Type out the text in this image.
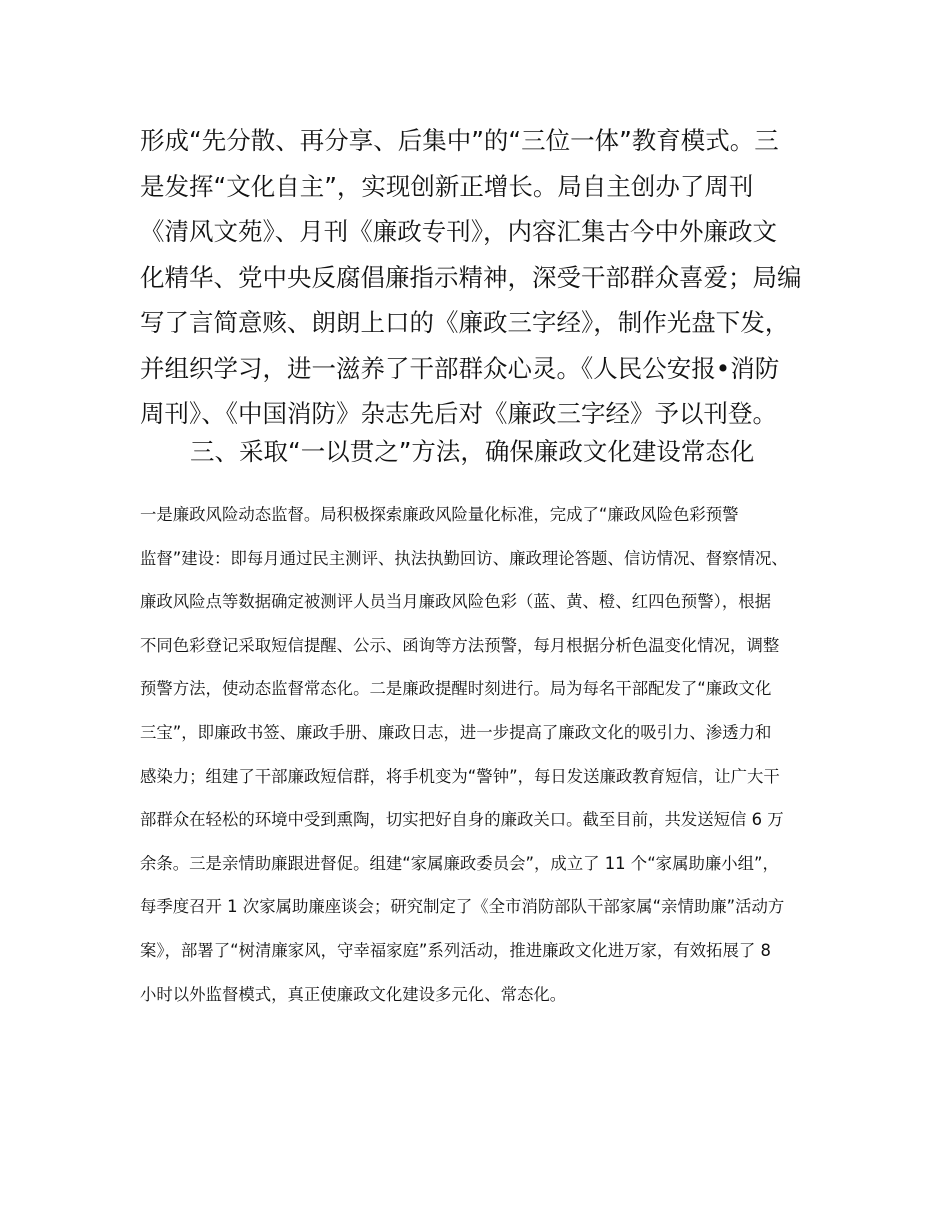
形成“先分散、再分享、后集中”的“三位一体”教育模式。三
是发挥“文化自主”，实现创新正增长。局自主创办了周刊
《清风文苑》、月刊《廉政专刊》，内容汇集古今中外廉政文
化精华、党中央反腐倡廉指示精神，深受干部群众喜爱；局编
写了言简意赅、朗朗上口的《廉政三字经》，制作光盘下发，
并组织学习，进一滋养了干部群众心灵。《人民公安报•消防
周刊》、《中国消防》杂志先后对《廉政三字经》予以刊登。

三、采取“一以贯之”方法，确保廉政文化建设常态化

一是廉政风险动态监督。局积极探索廉政风险量化标准，完成了“廉政风险色彩预警
监督”建设：即每月通过民主测评、执法执勤回访、廉政理论答题、信访情况、督察情况、
廉政风险点等数据确定被测评人员当月廉政风险色彩（蓝、黄、橙、红四色预警），根据
不同色彩登记采取短信提醒、公示、函询等方法预警，每月根据分析色温变化情况，调整
预警方法，使动态监督常态化。二是廉政提醒时刻进行。局为每名干部配发了“廉政文化
三宝”，即廉政书签、廉政手册、廉政日志，进一步提高了廉政文化的吸引力、渗透力和
感染力；组建了干部廉政短信群，将手机变为“警钟”，每日发送廉政教育短信，让广大干
部群众在轻松的环境中受到熏陶，切实把好自身的廉政关口。截至目前，共发送短信 6 万
余条。三是亲情助廉跟进督促。组建“家属廉政委员会”，成立了 11 个“家属助廉小组”，
每季度召开 1 次家属助廉座谈会；研究制定了《全市消防部队干部家属“亲情助廉”活动方
案》，部署了“树清廉家风，守幸福家庭”系列活动，推进廉政文化进万家，有效拓展了 8
小时以外监督模式，真正使廉政文化建设多元化、常态化。
